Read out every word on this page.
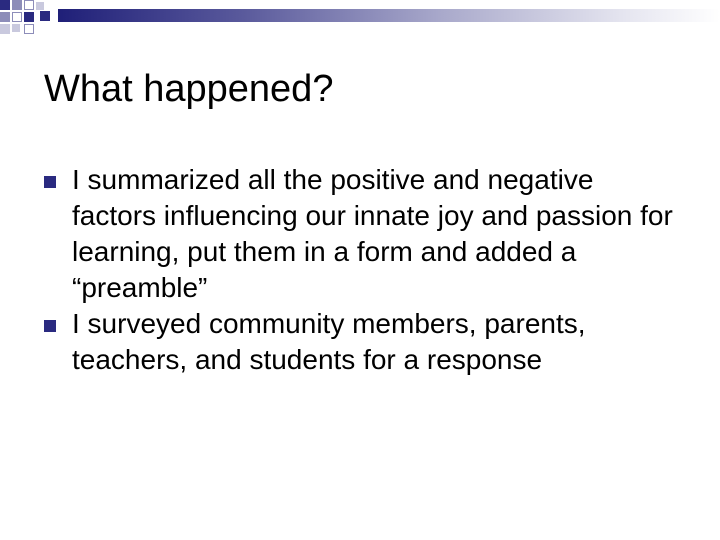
What happened?
I summarized all the positive and negative factors influencing our innate joy and passion for learning, put them in a form and added a “preamble”
I surveyed community members, parents, teachers, and students for a response
